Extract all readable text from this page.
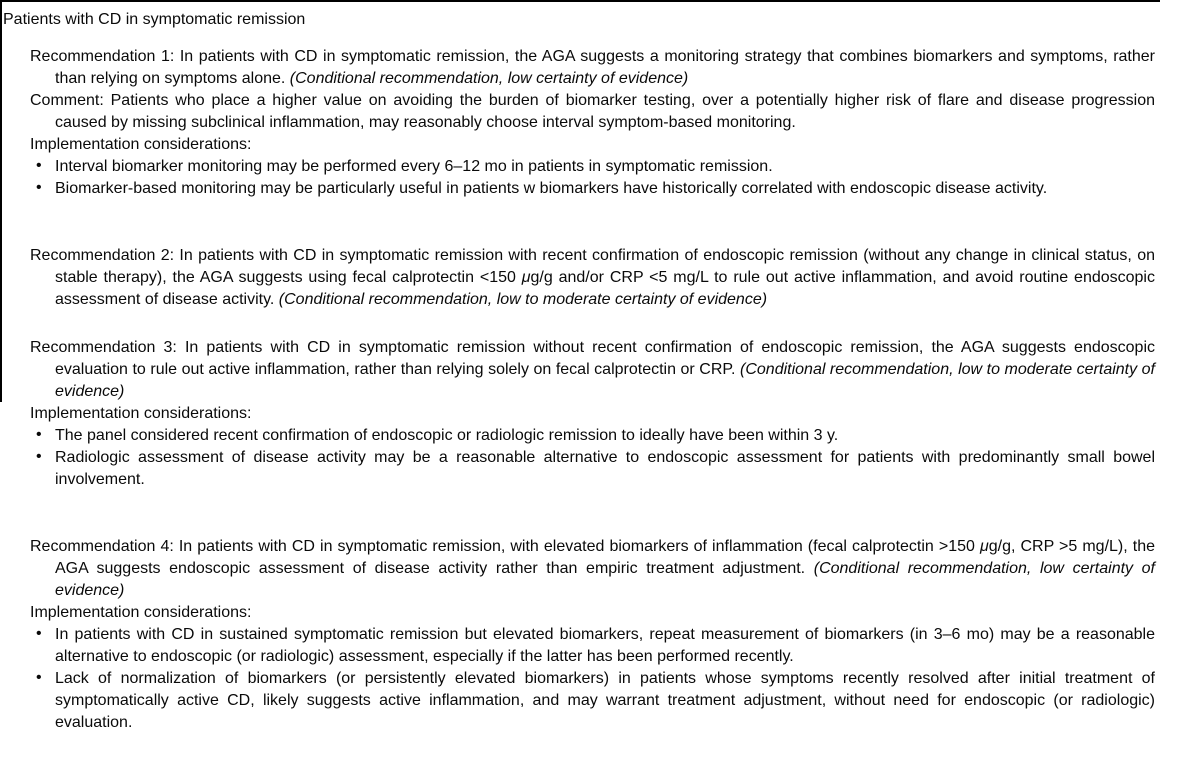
Patients with CD in symptomatic remission
Recommendation 1: In patients with CD in symptomatic remission, the AGA suggests a monitoring strategy that combines biomarkers and symptoms, rather than relying on symptoms alone. (Conditional recommendation, low certainty of evidence)
Comment: Patients who place a higher value on avoiding the burden of biomarker testing, over a potentially higher risk of flare and disease progression caused by missing subclinical inflammation, may reasonably choose interval symptom-based monitoring.
Implementation considerations:
• Interval biomarker monitoring may be performed every 6–12 mo in patients in symptomatic remission.
• Biomarker-based monitoring may be particularly useful in patients w biomarkers have historically correlated with endoscopic disease activity.
Recommendation 2: In patients with CD in symptomatic remission with recent confirmation of endoscopic remission (without any change in clinical status, on stable therapy), the AGA suggests using fecal calprotectin <150 μg/g and/or CRP <5 mg/L to rule out active inflammation, and avoid routine endoscopic assessment of disease activity. (Conditional recommendation, low to moderate certainty of evidence)
Recommendation 3: In patients with CD in symptomatic remission without recent confirmation of endoscopic remission, the AGA suggests endoscopic evaluation to rule out active inflammation, rather than relying solely on fecal calprotectin or CRP. (Conditional recommendation, low to moderate certainty of evidence)
Implementation considerations:
• The panel considered recent confirmation of endoscopic or radiologic remission to ideally have been within 3 y.
• Radiologic assessment of disease activity may be a reasonable alternative to endoscopic assessment for patients with predominantly small bowel involvement.
Recommendation 4: In patients with CD in symptomatic remission, with elevated biomarkers of inflammation (fecal calprotectin >150 μg/g, CRP >5 mg/L), the AGA suggests endoscopic assessment of disease activity rather than empiric treatment adjustment. (Conditional recommendation, low certainty of evidence)
Implementation considerations:
• In patients with CD in sustained symptomatic remission but elevated biomarkers, repeat measurement of biomarkers (in 3–6 mo) may be a reasonable alternative to endoscopic (or radiologic) assessment, especially if the latter has been performed recently.
• Lack of normalization of biomarkers (or persistently elevated biomarkers) in patients whose symptoms recently resolved after initial treatment of symptomatically active CD, likely suggests active inflammation, and may warrant treatment adjustment, without need for endoscopic (or radiologic) evaluation.
